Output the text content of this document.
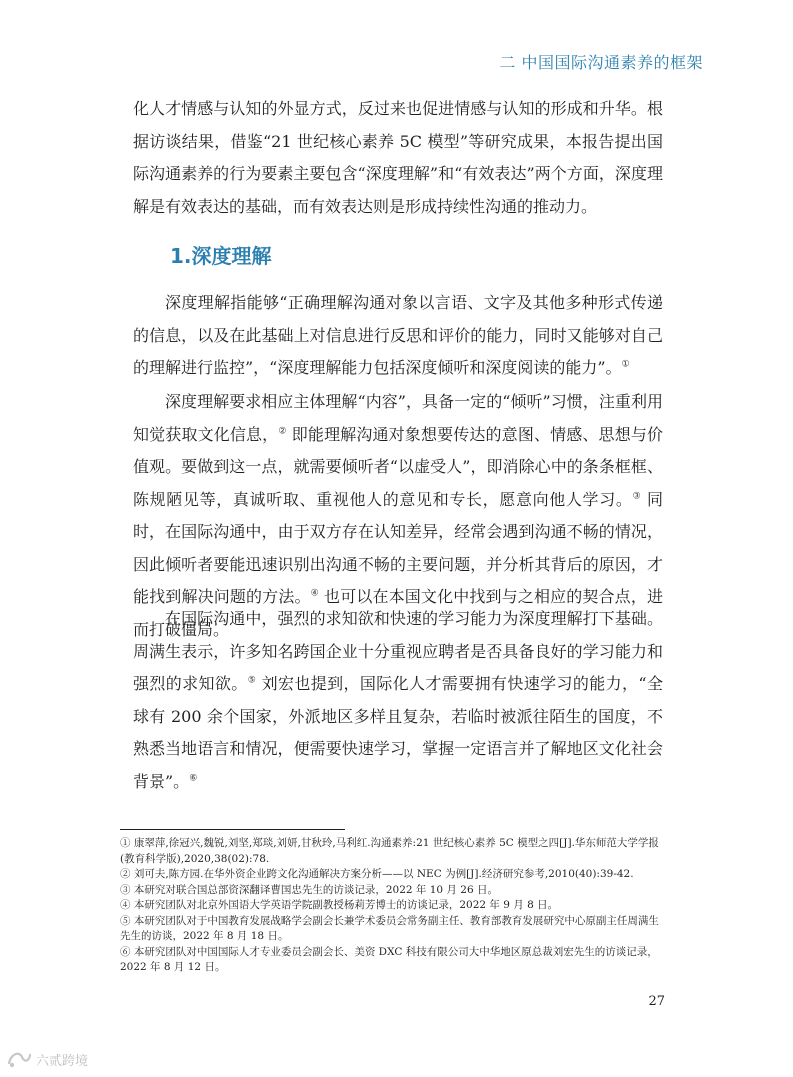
二 中国国际沟通素养的框架

化人才情感与认知的外显方式，反过来也促进情感与认知的形成和升华。根据访谈结果，借鉴“21 世纪核心素养 5C 模型”等研究成果，本报告提出国际沟通素养的行为要素主要包含“深度理解”和“有效表达”两个方面，深度理解是有效表达的基础，而有效表达则是形成持续性沟通的推动力。

1.深度理解

深度理解指能够“正确理解沟通对象以言语、文字及其他多种形式传递的信息，以及在此基础上对信息进行反思和评价的能力，同时又能够对自己的理解进行监控”，“深度理解能力包括深度倾听和深度阅读的能力”。①

深度理解要求相应主体理解“内容”，具备一定的“倾听”习惯，注重利用知觉获取文化信息，② 即能理解沟通对象想要传达的意图、情感、思想与价值观。要做到这一点，就需要倾听者“以虚受人”，即消除心中的条条框框、陈规陋见等，真诚听取、重视他人的意见和专长，愿意向他人学习。③ 同时，在国际沟通中，由于双方存在认知差异，经常会遇到沟通不畅的情况，因此倾听者要能迅速识别出沟通不畅的主要问题，并分析其背后的原因，才能找到解决问题的方法。④ 也可以在本国文化中找到与之相应的契合点，进而打破僵局。

在国际沟通中，强烈的求知欲和快速的学习能力为深度理解打下基础。周满生表示，许多知名跨国企业十分重视应聘者是否具备良好的学习能力和强烈的求知欲。⑤ 刘宏也提到，国际化人才需要拥有快速学习的能力，“全球有 200 余个国家，外派地区多样且复杂，若临时被派往陌生的国度，不熟悉当地语言和情况，便需要快速学习，掌握一定语言并了解地区文化社会背景”。⑥

① 康翠萍,徐冠兴,魏锐,刘坚,郑琰,刘妍,甘秋玲,马利红.沟通素养:21 世纪核心素养 5C 模型之四[J].华东师范大学学报(教育科学版),2020,38(02):78.
② 刘可夫,陈方园.在华外资企业跨文化沟通解决方案分析——以 NEC 为例[J].经济研究参考,2010(40):39-42.
③ 本研究对联合国总部资深翻译曹国忠先生的访谈记录，2022 年 10 月 26 日。
④ 本研究团队对北京外国语大学英语学院副教授杨莉芳博士的访谈记录，2022 年 9 月 8 日。
⑤ 本研究团队对于中国教育发展战略学会副会长兼学术委员会常务副主任、教育部教育发展研究中心原副主任周满生先生的访谈，2022 年 8 月 18 日。
⑥ 本研究团队对中国国际人才专业委员会副会长、美资 DXC 科技有限公司大中华地区原总裁刘宏先生的访谈记录，2022 年 8 月 12 日。
27
六贰跨境
